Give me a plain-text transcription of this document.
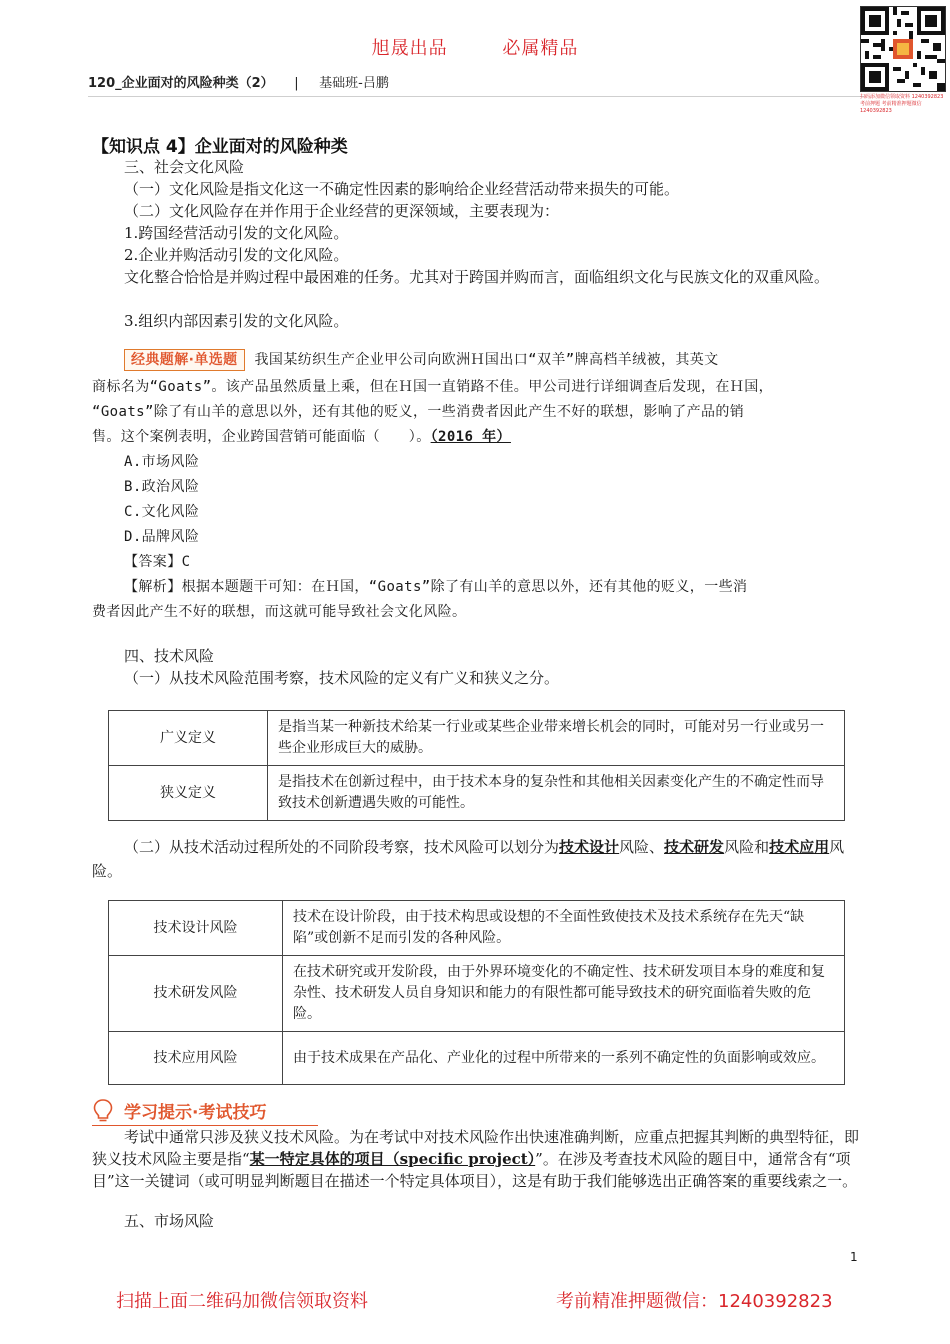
旭晟出品	必属精品
120_企业面对的风险种类（2） | 基础班-吕鹏
扫码添加微信领取资料 1240392823 考前押题 考前精准押题微信 1240392823
【知识点 4】企业面对的风险种类
三、社会文化风险
（一）文化风险是指文化这一不确定性因素的影响给企业经营活动带来损失的可能。
（二）文化风险存在并作用于企业经营的更深领域，主要表现为：
1.跨国经营活动引发的文化风险。
2.企业并购活动引发的文化风险。
文化整合恰恰是并购过程中最困难的任务。尤其对于跨国并购而言，面临组织文化与民族文化的双重风险。
3.组织内部因素引发的文化风险。
经典题解·单选题 我国某纺织生产企业甲公司向欧洲Ｈ国出口“双羊”牌高档羊绒被，其英文
商标名为“Goats”。该产品虽然质量上乘，但在Ｈ国一直销路不佳。甲公司进行详细调查后发现，在Ｈ国，
“Goats”除了有山羊的意思以外，还有其他的贬义，一些消费者因此产生不好的联想，影响了产品的销
售。这个案例表明，企业跨国营销可能面临（　　）。（2016 年）
A.市场风险
B.政治风险
C.文化风险
D.品牌风险
【答案】C
【解析】根据本题题干可知：在Ｈ国，“Goats”除了有山羊的意思以外，还有其他的贬义，一些消
费者因此产生不好的联想，而这就可能导致社会文化风险。
四、技术风险
（一）从技术风险范围考察，技术风险的定义有广义和狭义之分。
广义定义	是指当某一种新技术给某一行业或某些企业带来增长机会的同时，可能对另一行业或另一些企业形成巨大的威胁。
狭义定义	是指技术在创新过程中，由于技术本身的复杂性和其他相关因素变化产生的不确定性而导致技术创新遭遇失败的可能性。
（二）从技术活动过程所处的不同阶段考察，技术风险可以划分为技术设计风险、技术研发风险和技术应用风险。
技术设计风险	技术在设计阶段，由于技术构思或设想的不全面性致使技术及技术系统存在先天“缺陷”或创新不足而引发的各种风险。
技术研发风险	在技术研究或开发阶段，由于外界环境变化的不确定性、技术研发项目本身的难度和复杂性、技术研发人员自身知识和能力的有限性都可能导致技术的研究面临着失败的危险。
技术应用风险	由于技术成果在产品化、产业化的过程中所带来的一系列不确定性的负面影响或效应。
学习提示·考试技巧
考试中通常只涉及狭义技术风险。为在考试中对技术风险作出快速准确判断，应重点把握其判断的典型特征，即狭义技术风险主要是指“某一特定具体的项目（specific project）”。在涉及考查技术风险的题目中，通常含有“项目”这一关键词（或可明显判断题目在描述一个特定具体项目），这是有助于我们能够选出正确答案的重要线索之一。
五、市场风险
1
扫描上面二维码加微信领取资料	考前精准押题微信：1240392823
